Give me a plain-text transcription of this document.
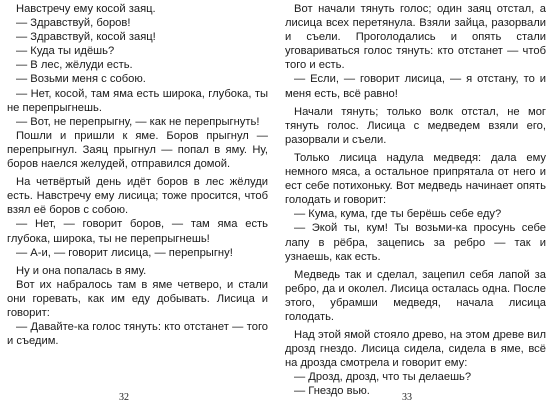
Навстречу ему косой заяц.

— Здравствуй, боров!

— Здравствуй, косой заяц!

— Куда ты идёшь?

— В лес, жёлуди есть.

— Возьми меня с собою.

— Нет, косой, там яма есть широка, глубока, ты не перепрыгнешь.

— Вот, не перепрыгну, — как не перепрыгнуть!

Пошли и пришли к яме. Боров прыгнул — перепрыгнул. Заяц прыгнул — попал в яму. Ну, боров наелся желудей, отправился домой.

На четвёртый день идёт боров в лес жёлуди есть. Навстречу ему лисица; тоже просится, чтоб взял её боров с собою.

— Нет, — говорит боров, — там яма есть глубока, широка, ты не перепрыгнешь!

— А-и, — говорит лисица, — перепрыгну!

Ну и она попалась в яму.

Вот их набралось там в яме четверо, и стали они горевать, как им еду добывать. Лисица и говорит:

— Давайте-ка голос тянуть: кто отстанет — того и съедим.

Вот начали тянуть голос; один заяц отстал, а лисица всех перетянула. Взяли зайца, разорвали и съели. Проголодались и опять стали уговариваться голос тянуть: кто отстанет — чтоб того и есть.

— Если, — говорит лисица, — я отстану, то и меня есть, всё равно!

Начали тянуть; только волк отстал, не мог тянуть голос. Лисица с медведем взяли его, разорвали и съели.

Только лисица надула медведя: дала ему немного мяса, а остальное припрятала от него и ест себе потихоньку. Вот медведь начинает опять голодать и говорит:

— Кума, кума, где ты берёшь себе еду?

— Экой ты, кум! Ты возьми-ка просунь себе лапу в рёбра, зацепись за ребро — так и узнаешь, как есть.

Медведь так и сделал, зацепил себя лапой за ребро, да и околел. Лисица осталась одна. После этого, убрамши медведя, начала лисица голодать.

Над этой ямой стояло древо, на этом древе вил дрозд гнездо. Лисица сидела, сидела в яме, всё на дрозда смотрела и говорит ему:

— Дрозд, дрозд, что ты делаешь?

— Гнездо вью.

32	33
